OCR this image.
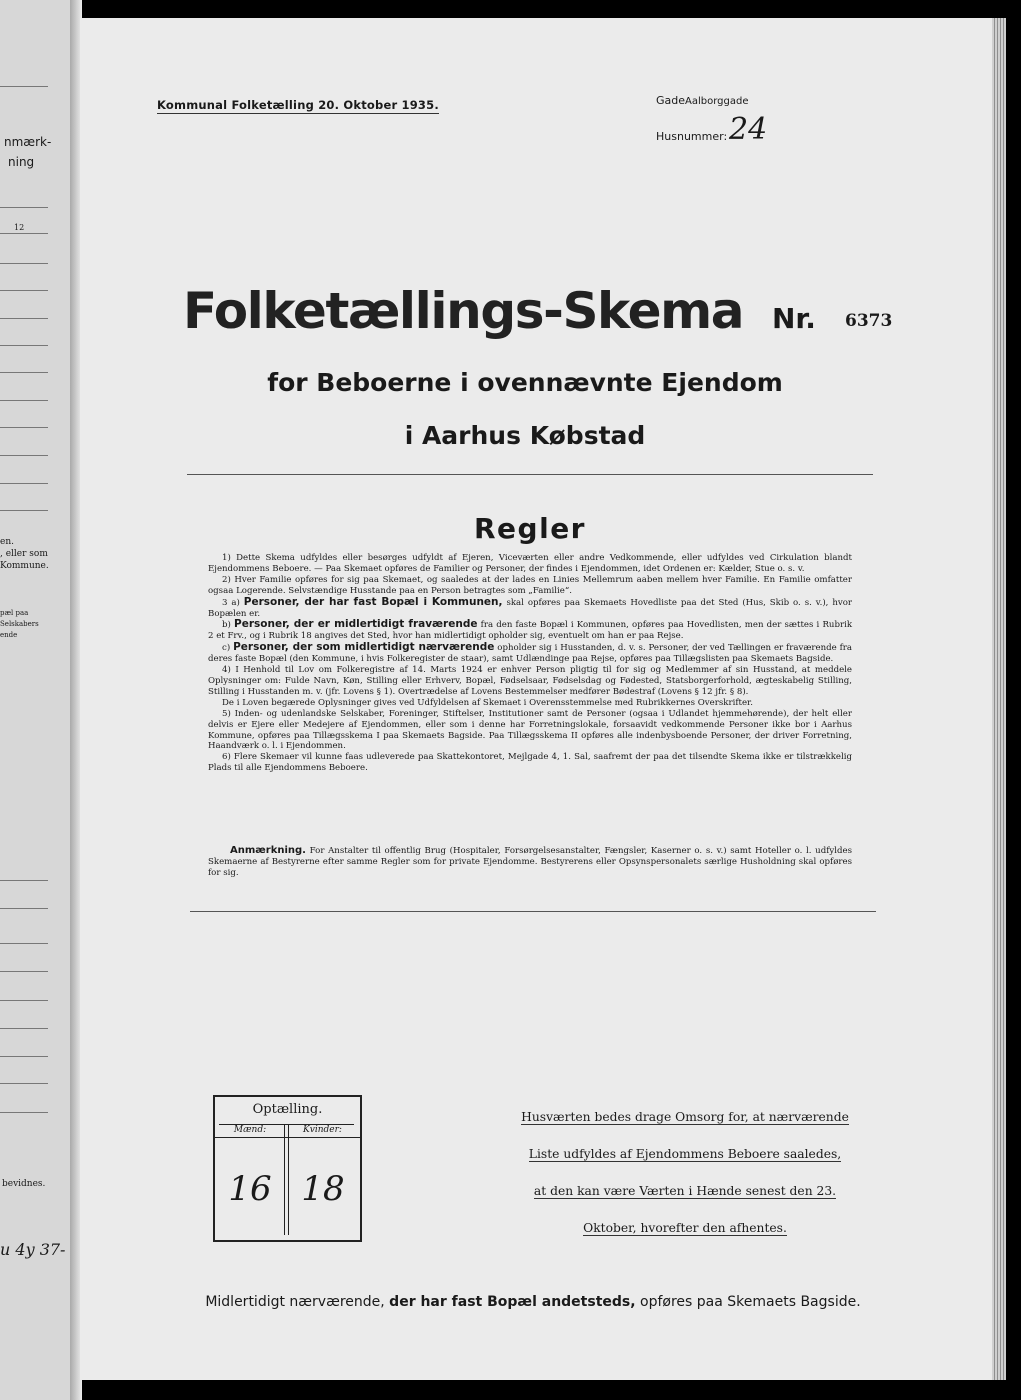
nmærk-
ning
12
en.
, eller som
Kommune.
pæl paa
Selskabers
ende
bevidnes.
u 4y 37-
Kommunal Folketælling 20. Oktober 1935.	GadeAalborggade
Husnummer: 24
Folketællings-Skema Nr. 6373
for Beboerne i ovennævnte Ejendom
i Aarhus Købstad
Regler

1) Dette Skema udfyldes eller besørges udfyldt af Ejeren, Viceværten eller andre Vedkommende, eller udfyldes ved Cirkulation blandt Ejendommens Beboere. — Paa Skemaet opføres de Familier og Personer, der findes i Ejendommen, idet Ordenen er: Kælder, Stue o. s. v.

2) Hver Familie opføres for sig paa Skemaet, og saaledes at der lades en Linies Mellemrum aaben mellem hver Familie. En Familie omfatter ogsaa Logerende. Selvstændige Husstande paa en Person betragtes som „Familie“.

3 a) Personer, der har fast Bopæl i Kommunen, skal opføres paa Skemaets Hovedliste paa det Sted (Hus, Skib o. s. v.), hvor Bopælen er.

b) Personer, der er midlertidigt fraværende fra den faste Bopæl i Kommunen, opføres paa Hovedlisten, men der sættes i Rubrik 2 et Frv., og i Rubrik 18 angives det Sted, hvor han midlertidigt opholder sig, eventuelt om han er paa Rejse.

c) Personer, der som midlertidigt nærværende opholder sig i Husstanden, d. v. s. Personer, der ved Tællingen er fraværende fra deres faste Bopæl (den Kommune, i hvis Folkeregister de staar), samt Udlændinge paa Rejse, opføres paa Tillægslisten paa Skemaets Bagside.

4) I Henhold til Lov om Folkeregistre af 14. Marts 1924 er enhver Person pligtig til for sig og Medlemmer af sin Husstand, at meddele Oplysninger om: Fulde Navn, Køn, Stilling eller Erhverv, Bopæl, Fødselsaar, Fødselsdag og Fødested, Statsborgerforhold, ægteskabelig Stilling, Stilling i Husstanden m. v. (jfr. Lovens § 1). Overtrædelse af Lovens Bestemmelser medfører Bødestraf (Lovens § 12 jfr. § 8).

De i Loven begærede Oplysninger gives ved Udfyldelsen af Skemaet i Overensstemmelse med Rubrikkernes Overskrifter.

5) Inden- og udenlandske Selskaber, Foreninger, Stiftelser, Institutioner samt de Personer (ogsaa i Udlandet hjemmehørende), der helt eller delvis er Ejere eller Medejere af Ejendommen, eller som i denne har Forretningslokale, forsaavidt vedkommende Personer ikke bor i Aarhus Kommune, opføres paa Tillægsskema I paa Skemaets Bagside. Paa Tillægsskema II opføres alle indenbysboende Personer, der driver Forretning, Haandværk o. l. i Ejendommen.

6) Flere Skemaer vil kunne faas udleverede paa Skattekontoret, Mejlgade 4, 1. Sal, saafremt der paa det tilsendte Skema ikke er tilstrækkelig Plads til alle Ejendommens Beboere.

Anmærkning. For Anstalter til offentlig Brug (Hospitaler, Forsørgelsesanstalter, Fængsler, Kaserner o. s. v.) samt Hoteller o. l. udfyldes Skemaerne af Bestyrerne efter samme Regler som for private Ejendomme. Bestyrerens eller Opsynspersonalets særlige Husholdning skal opføres for sig.

Optælling.
Mænd:	Kvinder:
16 18
Husværten bedes drage Omsorg for, at nærværende
Liste udfyldes af Ejendommens Beboere saaledes,
at den kan være Værten i Hænde senest den 23.
Oktober, hvorefter den afhentes.
Midlertidigt nærværende, der har fast Bopæl andetsteds, opføres paa Skemaets Bagside.
